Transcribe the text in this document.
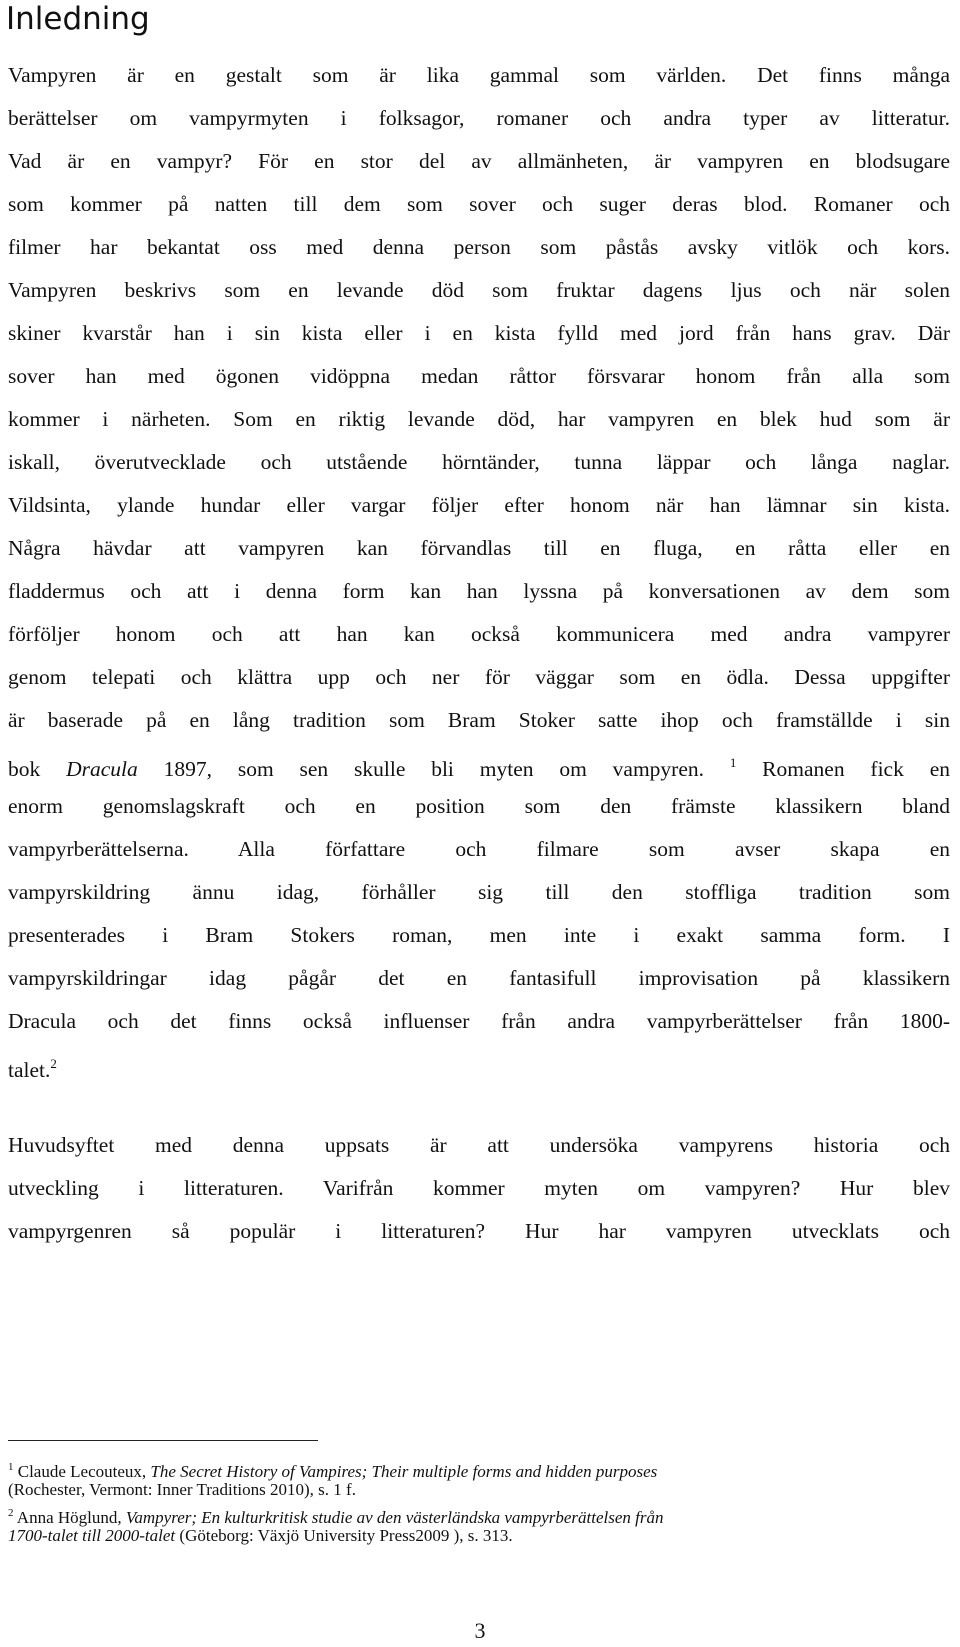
Inledning
Vampyren är en gestalt som är lika gammal som världen. Det finns många
berättelser om vampyrmyten i folksagor, romaner och andra typer av litteratur.
Vad är en vampyr? För en stor del av allmänheten, är vampyren en blodsugare
som kommer på natten till dem som sover och suger deras blod. Romaner och
filmer har bekantat oss med denna person som påstås avsky vitlök och kors.
Vampyren beskrivs som en levande död som fruktar dagens ljus och när solen
skiner kvarstår han i sin kista eller i en kista fylld med jord från hans grav. Där
sover han med ögonen vidöppna medan råttor försvarar honom från alla som
kommer i närheten. Som en riktig levande död, har vampyren en blek hud som är
iskall, överutvecklade och utstående hörntänder, tunna läppar och långa naglar.
Vildsinta, ylande hundar eller vargar följer efter honom när han lämnar sin kista.
Några hävdar att vampyren kan förvandlas till en fluga, en råtta eller en
fladdermus och att i denna form kan han lyssna på konversationen av dem som
förföljer honom och att han kan också kommunicera med andra vampyrer
genom telepati och klättra upp och ner för väggar som en ödla. Dessa uppgifter
är baserade på en lång tradition som Bram Stoker satte ihop och framställde i sin
bok Dracula 1897, som sen skulle bli myten om vampyren. $^1$ Romanen fick en
enorm genomslagskraft och en position som den främste klassikern bland
vampyrberättelserna. Alla författare och filmare som avser skapa en
vampyrskildring ännu idag, förhåller sig till den stoffliga tradition som
presenterades i Bram Stokers roman, men inte i exakt samma form. I
vampyrskildringar idag pågår det en fantasifull improvisation på klassikern
Dracula och det finns också influenser från andra vampyrberättelser från 1800-
talet.$^2$
Huvudsyftet med denna uppsats är att undersöka vampyrens historia och
utveckling i litteraturen. Varifrån kommer myten om vampyren? Hur blev
vampyrgenren så populär i litteraturen? Hur har vampyren utvecklats och
$^1$ Claude Lecouteux, The Secret History of Vampires; Their multiple forms and hidden purposes
(Rochester, Vermont: Inner Traditions 2010), s. 1 f.
$^2$ Anna Höglund, Vampyrer; En kulturkritisk studie av den västerländska vampyrberättelsen från
1700-talet till 2000-talet (Göteborg: Växjö University Press2009 ), s. 313.
3
